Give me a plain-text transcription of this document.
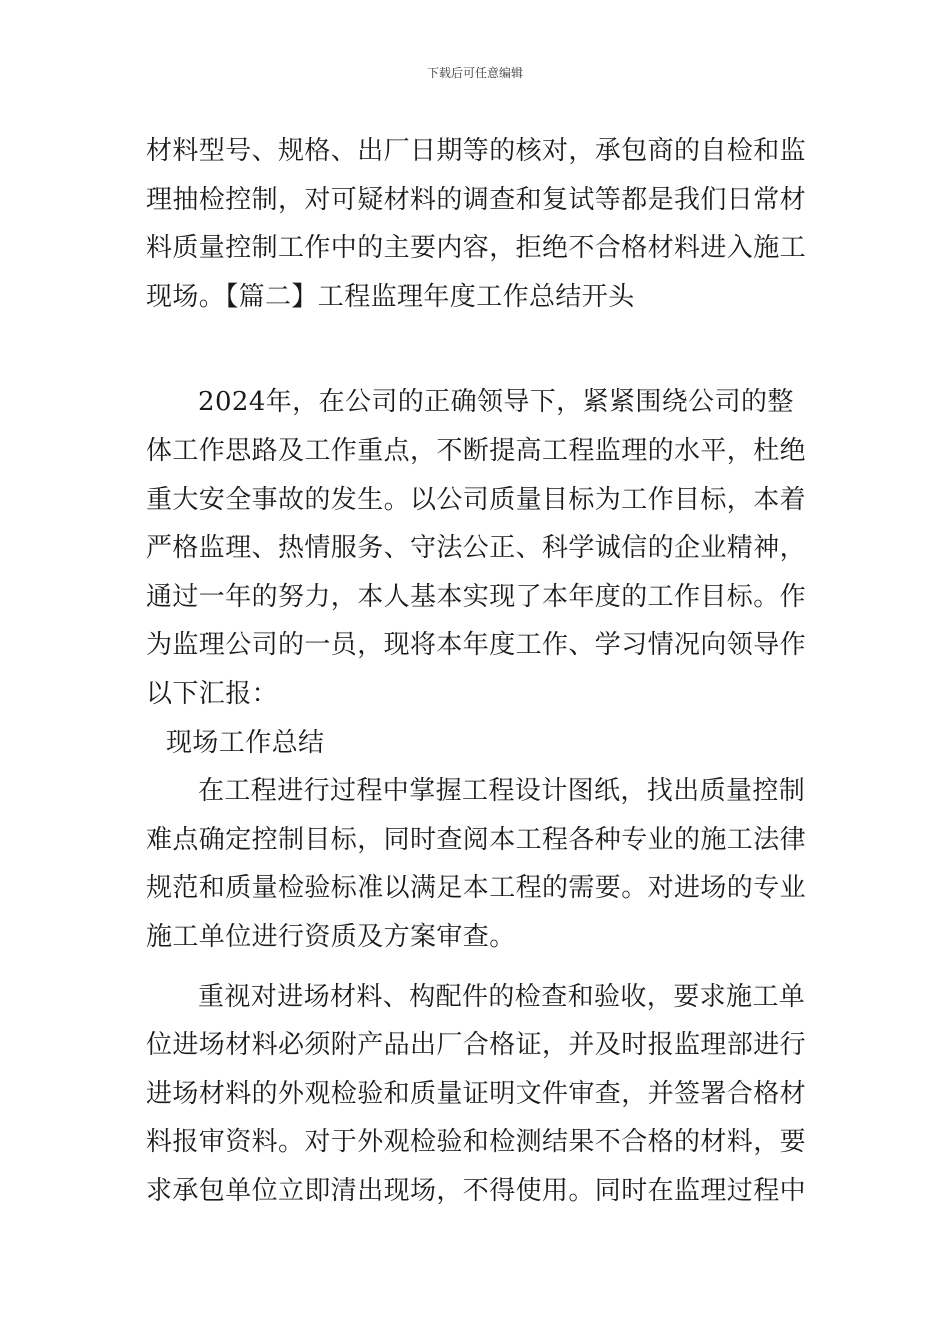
下载后可任意编辑

材料型号、规格、出厂日期等的核对，承包商的自检和监理抽检控制，对可疑材料的调查和复试等都是我们日常材料质量控制工作中的主要内容，拒绝不合格材料进入施工现场。【篇二】工程监理年度工作总结开头

2024年，在公司的正确领导下，紧紧围绕公司的整体工作思路及工作重点，不断提高工程监理的水平，杜绝重大安全事故的发生。以公司质量目标为工作目标，本着严格监理、热情服务、守法公正、科学诚信的企业精神，通过一年的努力，本人基本实现了本年度的工作目标。作为监理公司的一员，现将本年度工作、学习情况向领导作以下汇报：

现场工作总结

在工程进行过程中掌握工程设计图纸，找出质量控制难点确定控制目标，同时查阅本工程各种专业的施工法律规范和质量检验标准以满足本工程的需要。对进场的专业施工单位进行资质及方案审查。

重视对进场材料、构配件的检查和验收，要求施工单位进场材料必须附产品出厂合格证，并及时报监理部进行进场材料的外观检验和质量证明文件审查，并签署合格材料报审资料。对于外观检验和检测结果不合格的材料，要求承包单位立即清出现场，不得使用。同时在监理过程中
